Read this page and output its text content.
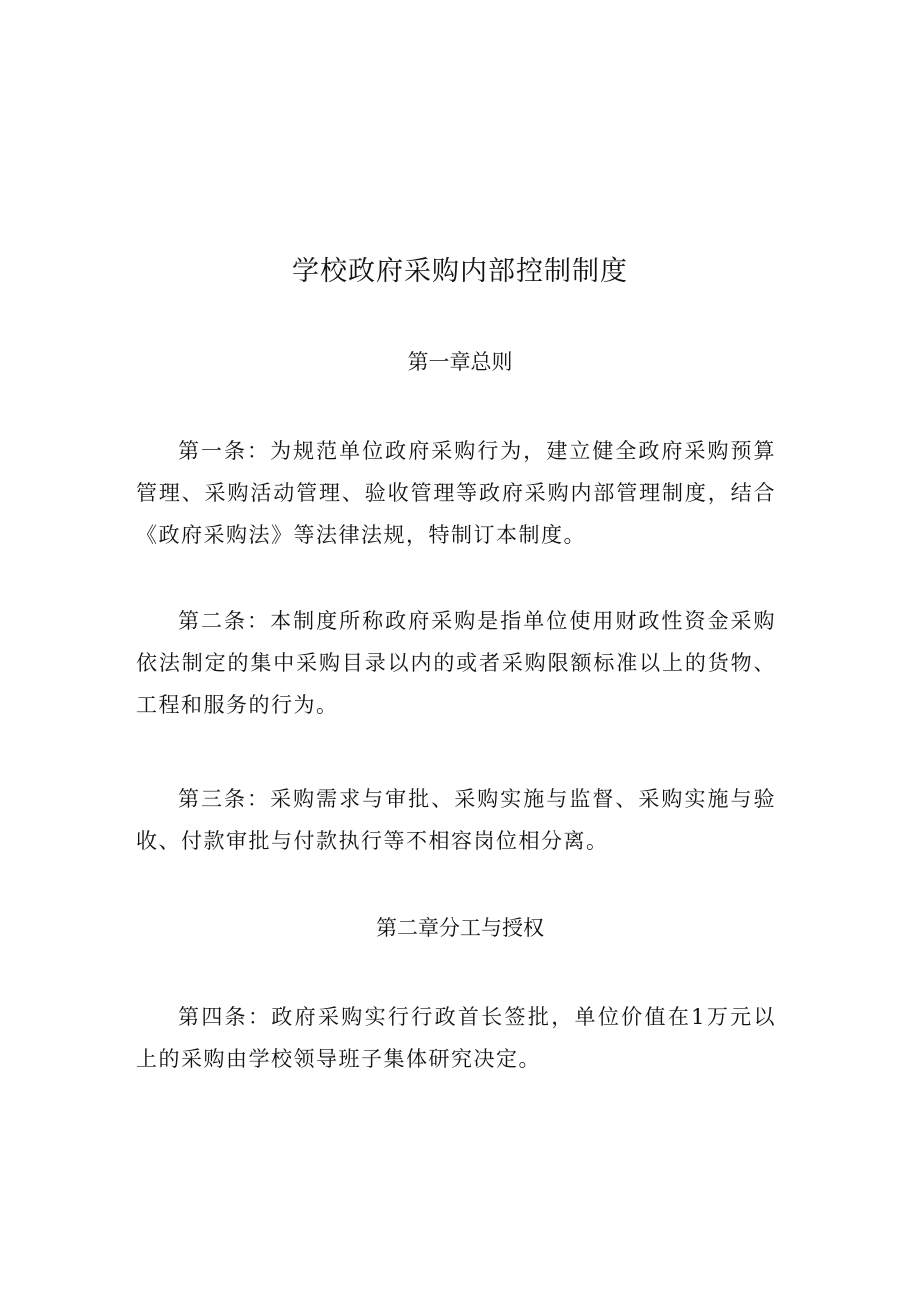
学校政府采购内部控制制度
第一章总则

第一条：为规范单位政府采购行为，建立健全政府采购预算管理、采购活动管理、验收管理等政府采购内部管理制度，结合《政府采购法》等法律法规，特制订本制度。

第二条：本制度所称政府采购是指单位使用财政性资金采购依法制定的集中采购目录以内的或者采购限额标准以上的货物、工程和服务的行为。

第三条：采购需求与审批、采购实施与监督、采购实施与验收、付款审批与付款执行等不相容岗位相分离。

第二章分工与授权

第四条：政府采购实行行政首长签批，单位价值在1万元以上的采购由学校领导班子集体研究决定。
